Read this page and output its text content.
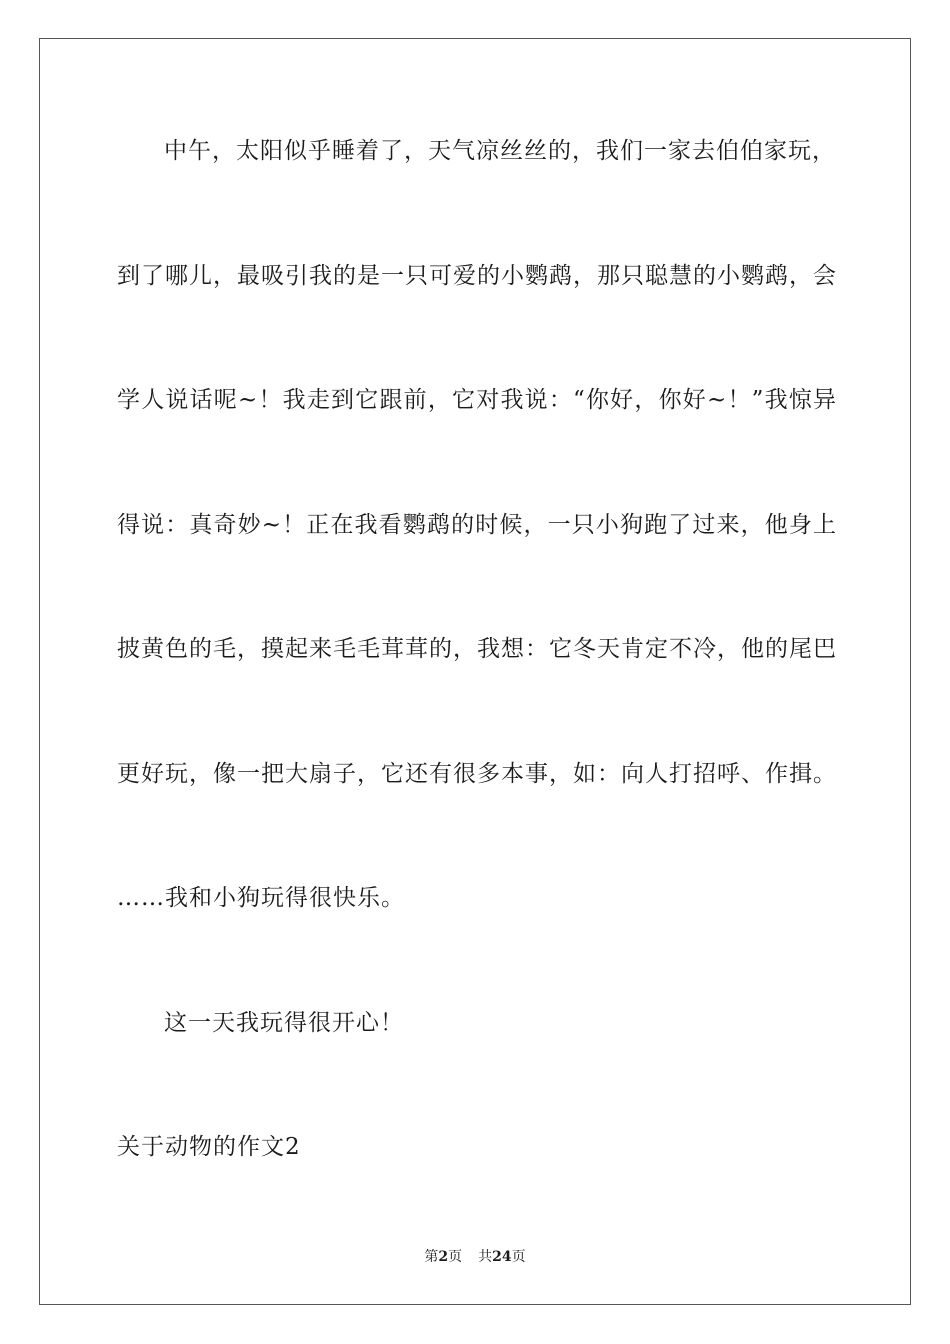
中午，太阳似乎睡着了，天气凉丝丝的，我们一家去伯伯家玩，
到了哪儿，最吸引我的是一只可爱的小鹦鹉，那只聪慧的小鹦鹉，会
学人说话呢~！我走到它跟前，它对我说：“你好，你好~！”我惊异
得说：真奇妙~！正在我看鹦鹉的时候，一只小狗跑了过来，他身上
披黄色的毛，摸起来毛毛茸茸的，我想：它冬天肯定不冷，他的尾巴
更好玩，像一把大扇子，它还有很多本事，如：向人打招呼、作揖。
……我和小狗玩得很快乐。
这一天我玩得很开心！
关于动物的作文2
第2页 共24页
